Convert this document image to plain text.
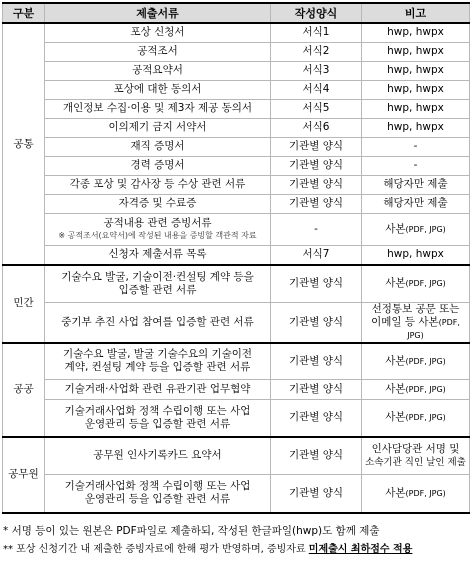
구분	제출서류	작성양식	비고
공통	포상 신청서	서식1	hwp, hwpx
	공적조서	서식2	hwp, hwpx
	공적요약서	서식3	hwp, hwpx
	포상에 대한 동의서	서식4	hwp, hwpx
	개인정보 수집·이용 및 제3자 제공 동의서	서식5	hwp, hwpx
	이의제기 금지 서약서	서식6	hwp, hwpx
	재직 증명서	기관별 양식	-
	경력 증명서	기관별 양식	-
	각종 포상 및 감사장 등 수상 관련 서류	기관별 양식	해당자만 제출
	자격증 및 수료증	기관별 양식	해당자만 제출
	공적내용 관련 증빙서류
※ 공적조서(요약서)에 작성된 내용을 증빙할 객관적 자료	-	사본(PDF, JPG)
	신청자 제출서류 목록	서식7	hwp, hwpx
민간	기술수요 발굴, 기술이전·컨설팅 계약 등을
입증할 관련 서류	기관별 양식	사본(PDF, JPG)
	중기부 추진 사업 참여를 입증할 관련 서류	기관별 양식	선정통보 공문 또는
이메일 등 사본(PDF, JPG)
공공	기술수요 발굴, 발굴 기술수요의 기술이전
계약, 컨설팅 계약 등을 입증할 관련 서류	기관별 양식	사본(PDF, JPG)
	기술거래·사업화 관련 유관기관 업무협약	기관별 양식	사본(PDF, JPG)
	기술거래사업화 정책 수립이행 또는 사업
운영관리 등을 입증할 관련 서류	기관별 양식	사본(PDF, JPG)
공무원	공무원 인사기록카드 요약서	기관별 양식	인사담당관 서명 및
소속기관 직인 날인 제출
	기술거래사업화 정책 수립이행 또는 사업
운영관리 등을 입증할 관련 서류	기관별 양식	사본(PDF, JPG)
* 서명 등이 있는 원본은 PDF파일로 제출하되, 작성된 한글파일(hwp)도 함께 제출
** 포상 신청기간 내 제출한 증빙자료에 한해 평가 반영하며, 증빙자료 미제출시 최하점수 적용
